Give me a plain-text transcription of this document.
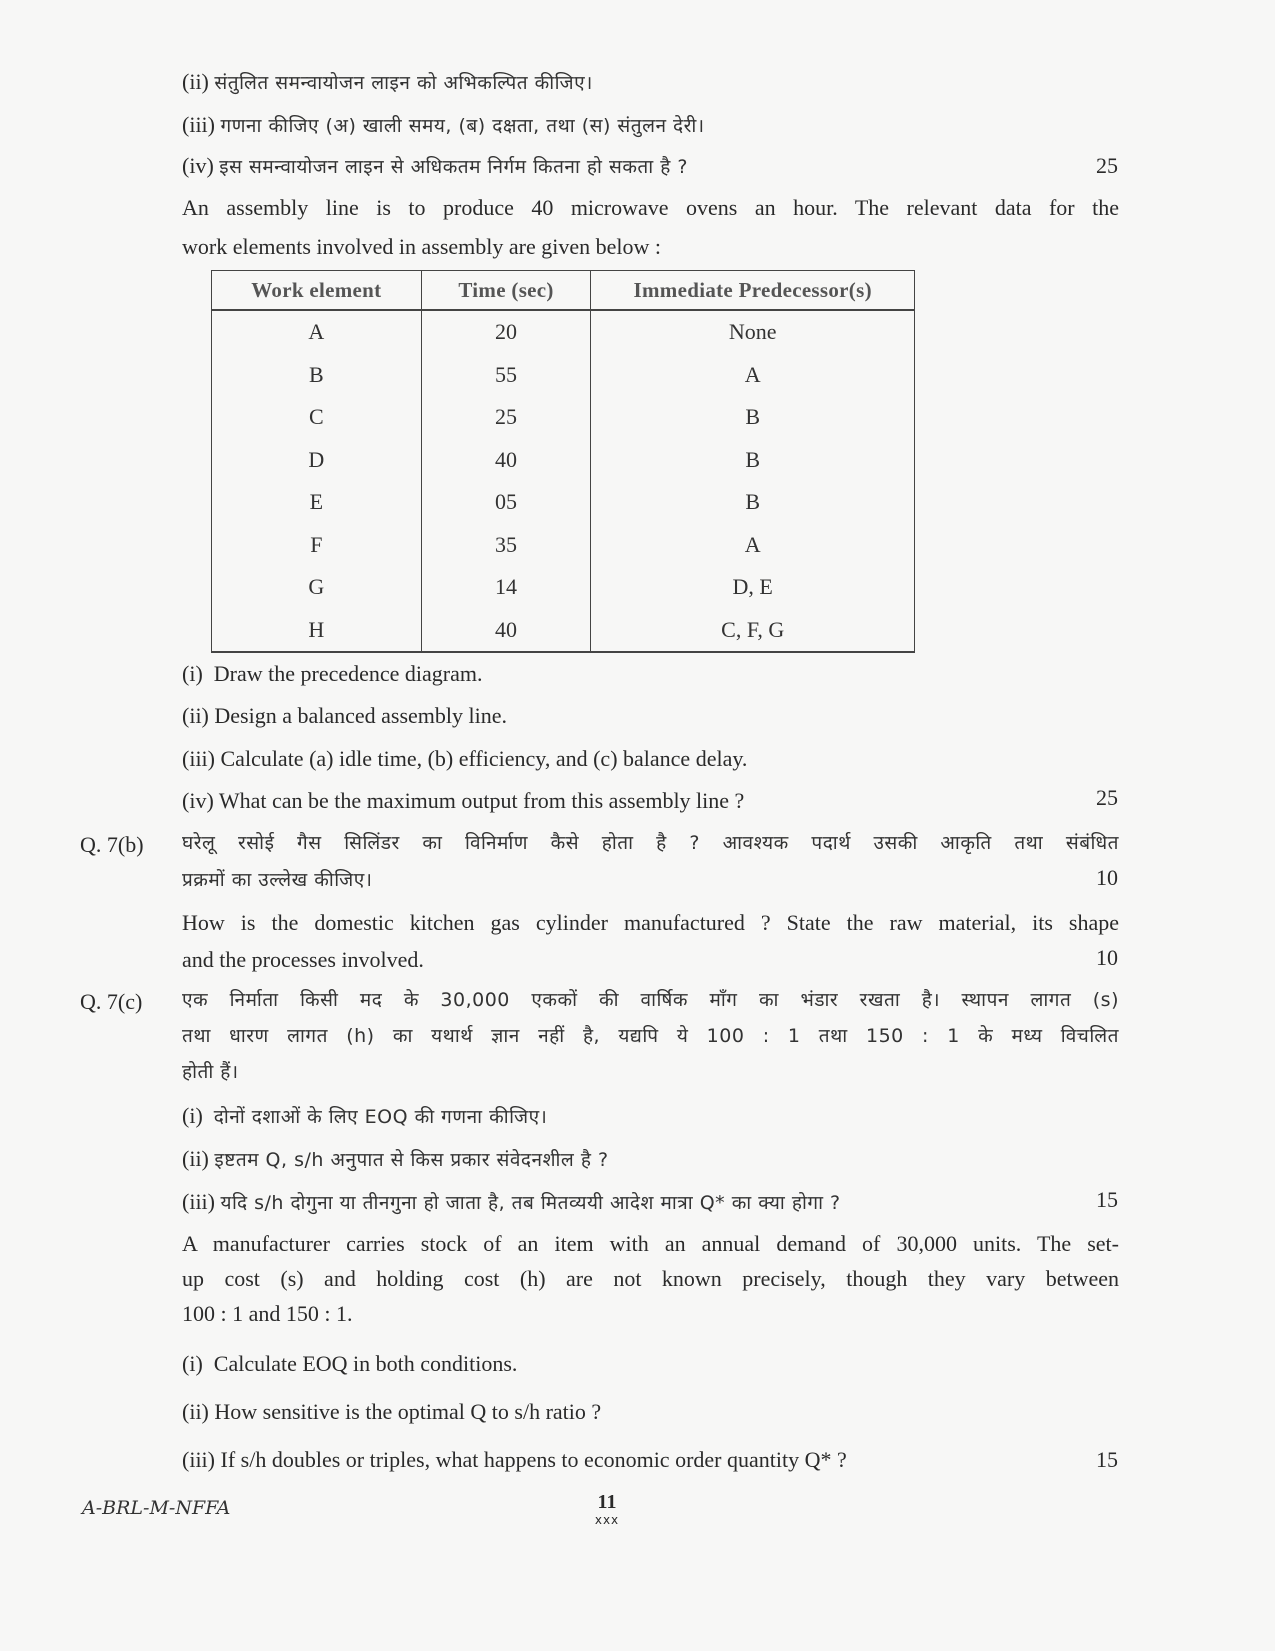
(ii) संतुलित समन्वायोजन लाइन को अभिकल्पित कीजिए।
(iii) गणना कीजिए (अ) खाली समय, (ब) दक्षता, तथा (स) संतुलन देरी।
(iv) इस समन्वायोजन लाइन से अधिकतम निर्गम कितना हो सकता है ?	25
An assembly line is to produce 40 microwave ovens an hour. The relevant data for the
work elements involved in assembly are given below :
Work element	Time (sec)	Immediate Predecessor(s)
A	20	None
B	55	A
C	25	B
D	40	B
E	05	B
F	35	A
G	14	D, E
H	40	C, F, G
(i) Draw the precedence diagram.
(ii) Design a balanced assembly line.
(iii) Calculate (a) idle time, (b) efficiency, and (c) balance delay.
(iv) What can be the maximum output from this assembly line ?	25
Q. 7(b) घरेलू रसोई गैस सिलिंडर का विनिर्माण कैसे होता है ? आवश्यक पदार्थ उसकी आकृति तथा संबंधित
प्रक्रमों का उल्लेख कीजिए।	10
How is the domestic kitchen gas cylinder manufactured ? State the raw material, its shape
and the processes involved.	10
Q. 7(c) एक निर्माता किसी मद के 30,000 एककों की वार्षिक माँग का भंडार रखता है। स्थापन लागत (s)
तथा धारण लागत (h) का यथार्थ ज्ञान नहीं है, यद्यपि ये 100 : 1 तथा 150 : 1 के मध्य विचलित
होती हैं।
(i) दोनों दशाओं के लिए EOQ की गणना कीजिए।
(ii) इष्टतम Q, s/h अनुपात से किस प्रकार संवेदनशील है ?
(iii) यदि s/h दोगुना या तीनगुना हो जाता है, तब मितव्ययी आदेश मात्रा Q* का क्या होगा ?	15
A manufacturer carries stock of an item with an annual demand of 30,000 units. The set-
up cost (s) and holding cost (h) are not known precisely, though they vary between
100 : 1 and 150 : 1.
(i) Calculate EOQ in both conditions.
(ii) How sensitive is the optimal Q to s/h ratio ?
(iii) If s/h doubles or triples, what happens to economic order quantity Q* ?	15
A-BRL-M-NFFA	11
xxx
